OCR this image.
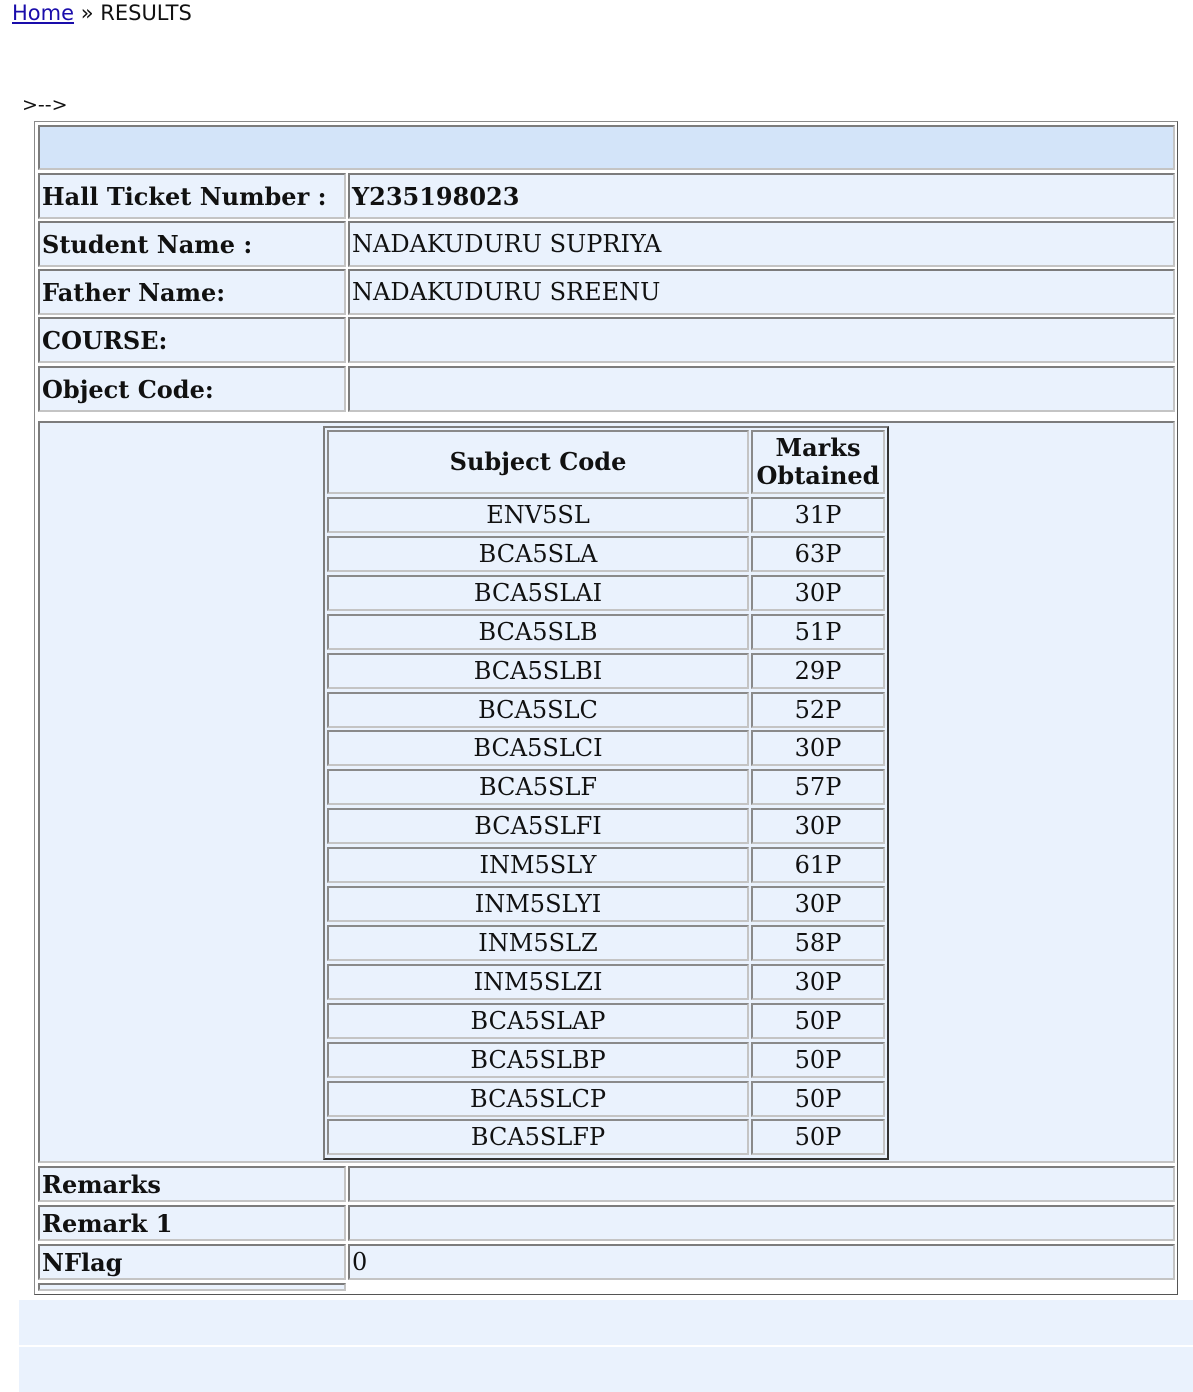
Home » RESULTS
>-->
Hall Ticket Number :	Y235198023
Student Name :	NADAKUDURU SUPRIYA
Father Name:	NADAKUDURU SREENU
COURSE:
Object Code:
Subject Code	Marks Obtained
ENV5SL	31P
BCA5SLA	63P
BCA5SLAI	30P
BCA5SLB	51P
BCA5SLBI	29P
BCA5SLC	52P
BCA5SLCI	30P
BCA5SLF	57P
BCA5SLFI	30P
INM5SLY	61P
INM5SLYI	30P
INM5SLZ	58P
INM5SLZI	30P
BCA5SLAP	50P
BCA5SLBP	50P
BCA5SLCP	50P
BCA5SLFP	50P
Remarks
Remark 1
NFlag	0
